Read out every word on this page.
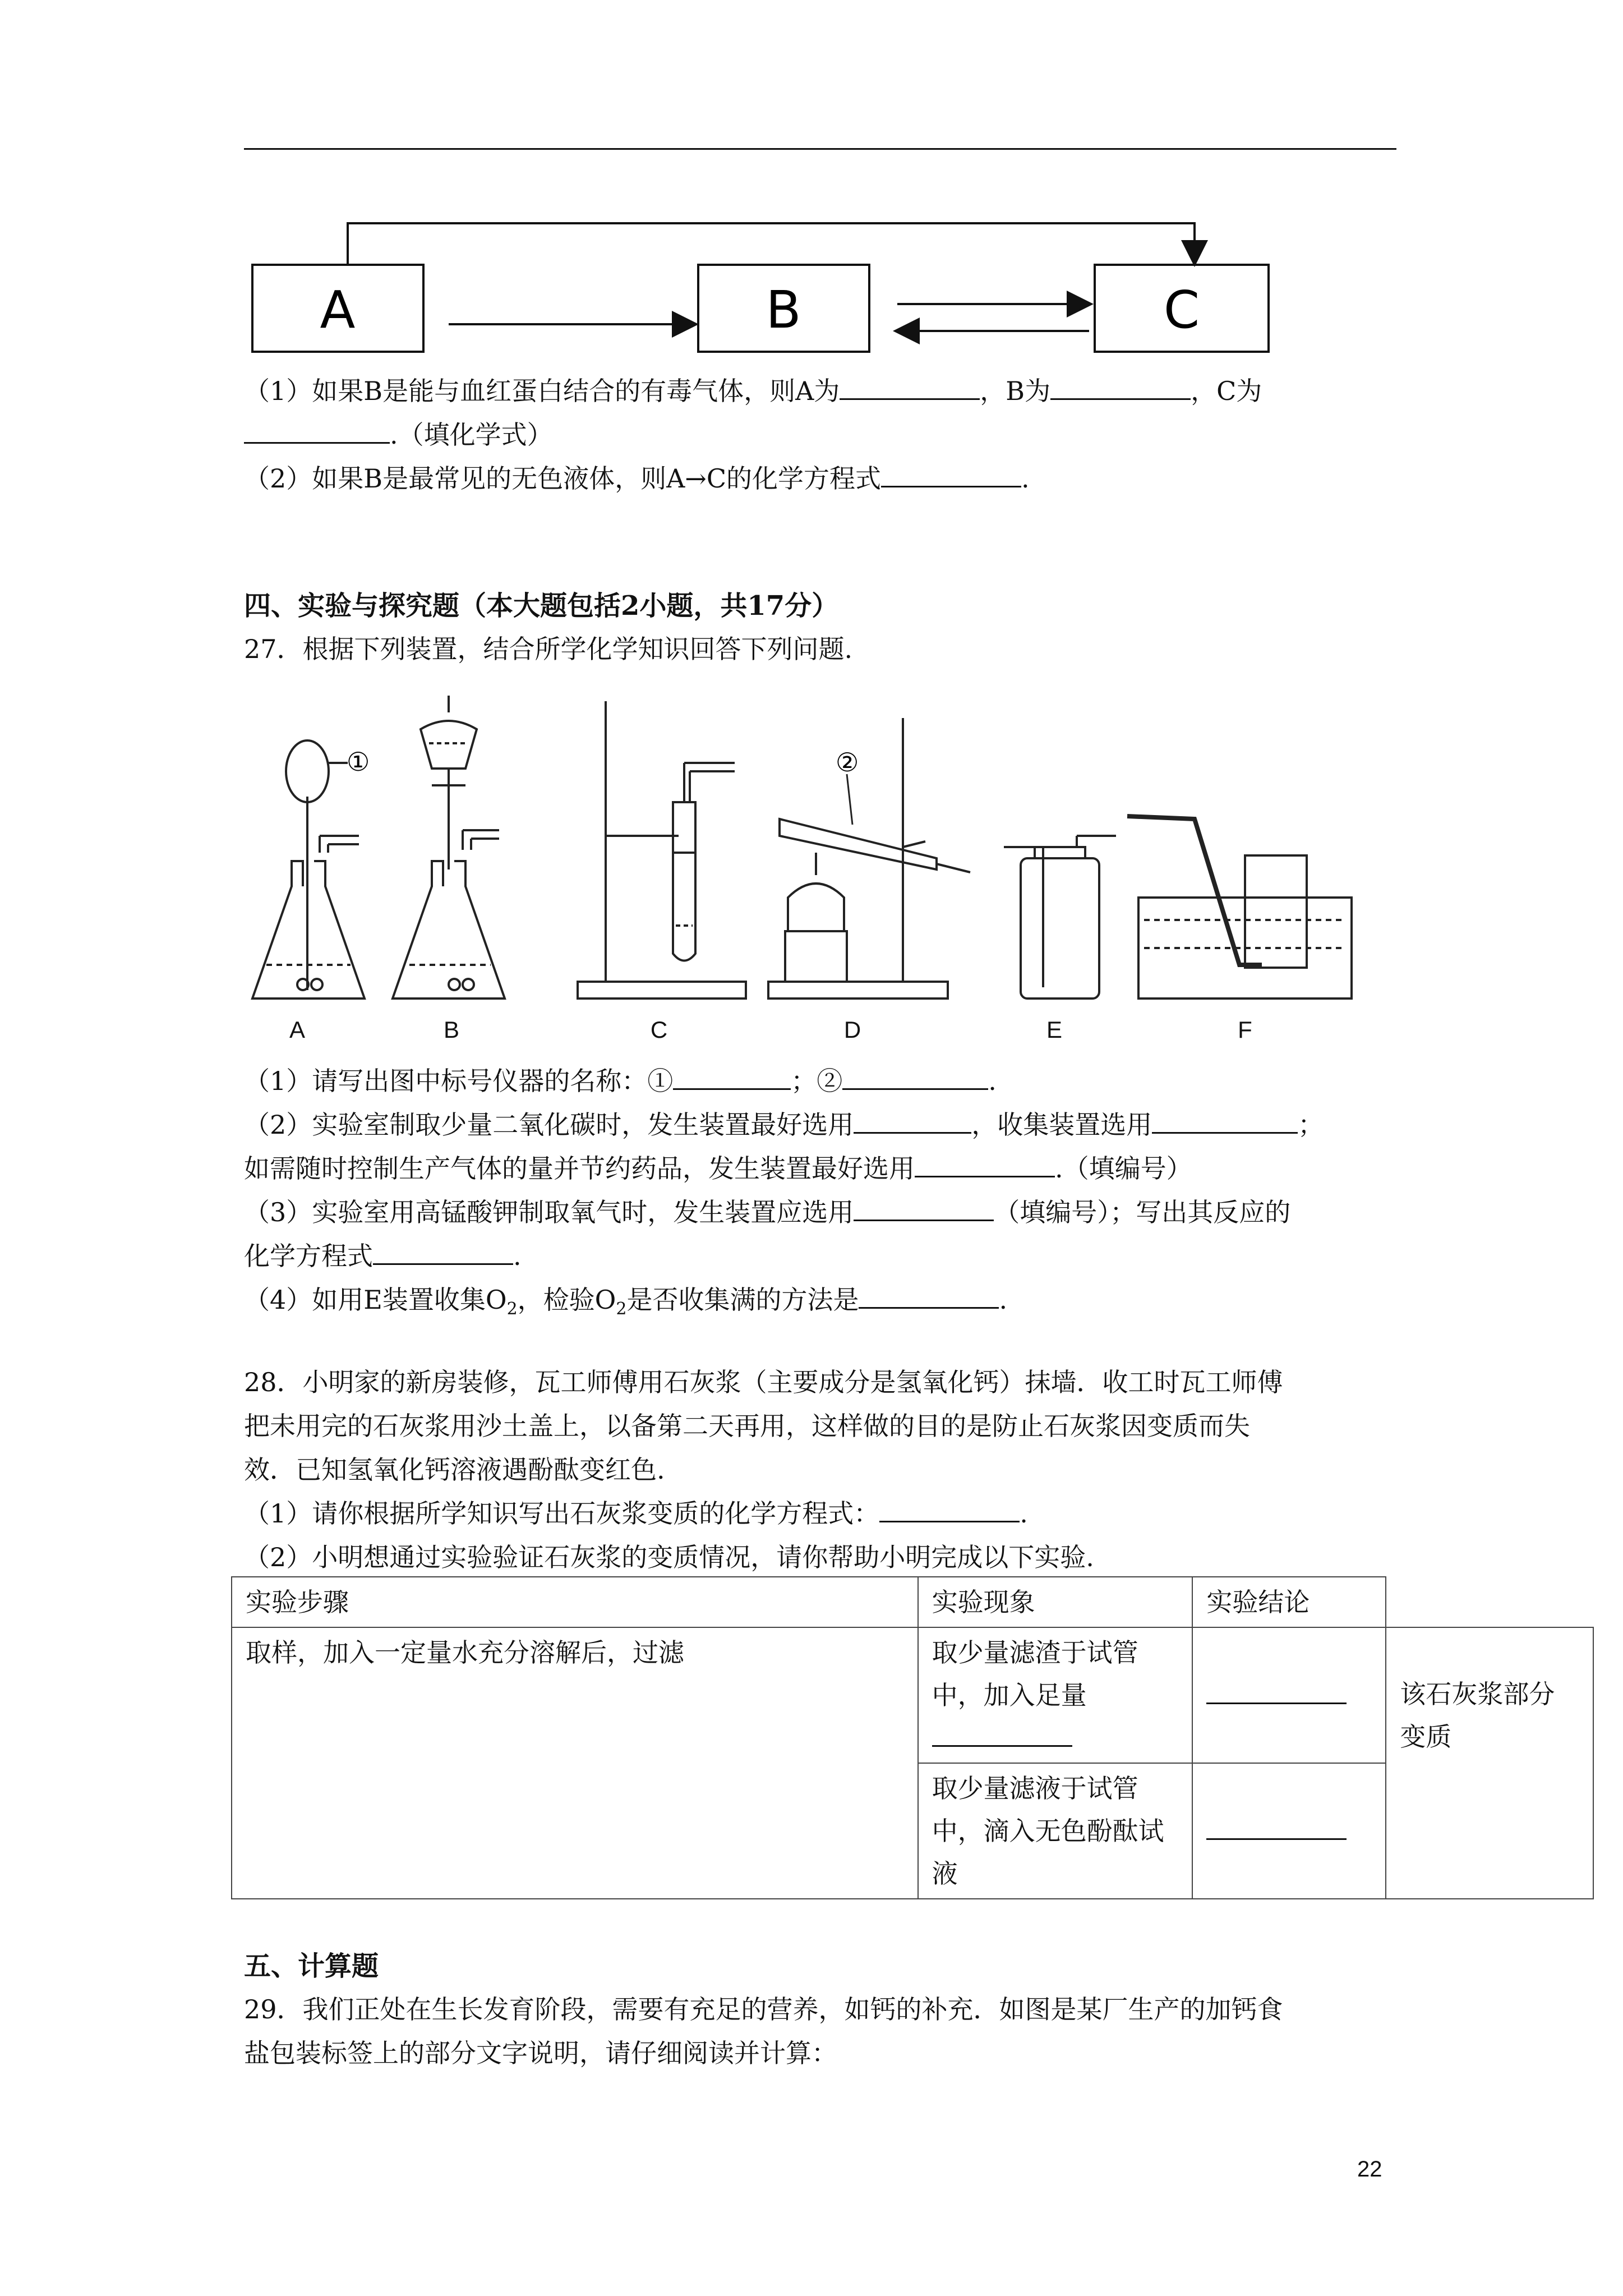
A	B	C
（1）如果B是能与血红蛋白结合的有毒气体，则A为	，B为	，C为
.（填化学式）
（2）如果B是最常见的无色液体，则A→C的化学方程式	.
四、实验与探究题（本大题包括2小题，共17分）
27．根据下列装置，结合所学化学知识回答下列问题.
①	②
A	B	C	D	E	F
（1）请写出图中标号仪器的名称：①	；②	.
（2）实验室制取少量二氧化碳时，发生装置最好选用	，收集装置选用	；
如需随时控制生产气体的量并节约药品，发生装置最好选用	.（填编号）
（3）实验室用高锰酸钾制取氧气时，发生装置应选用	（填编号）；写出其反应的
化学方程式	.
（4）如用E装置收集$O_2$，检验$O_2$是否收集满的方法是	.
28．小明家的新房装修，瓦工师傅用石灰浆（主要成分是氢氧化钙）抹墙．收工时瓦工师傅
把未用完的石灰浆用沙土盖上，以备第二天再用，这样做的目的是防止石灰浆因变质而失
效．已知氢氧化钙溶液遇酚酞变红色.
（1）请你根据所学知识写出石灰浆变质的化学方程式：	.
（2）小明想通过实验验证石灰浆的变质情况，请你帮助小明完成以下实验.
实验步骤	实验现象	实验结论	
取样，加入一定量水充分溶解后，过滤	取少量滤渣于试管中，加入足量		该石灰浆部分变质
	取少量滤液于试管中，滴入无色酚酞试液		
五、计算题
29．我们正处在生长发育阶段，需要有充足的营养，如钙的补充．如图是某厂生产的加钙食
盐包装标签上的部分文字说明，请仔细阅读并计算：
22
